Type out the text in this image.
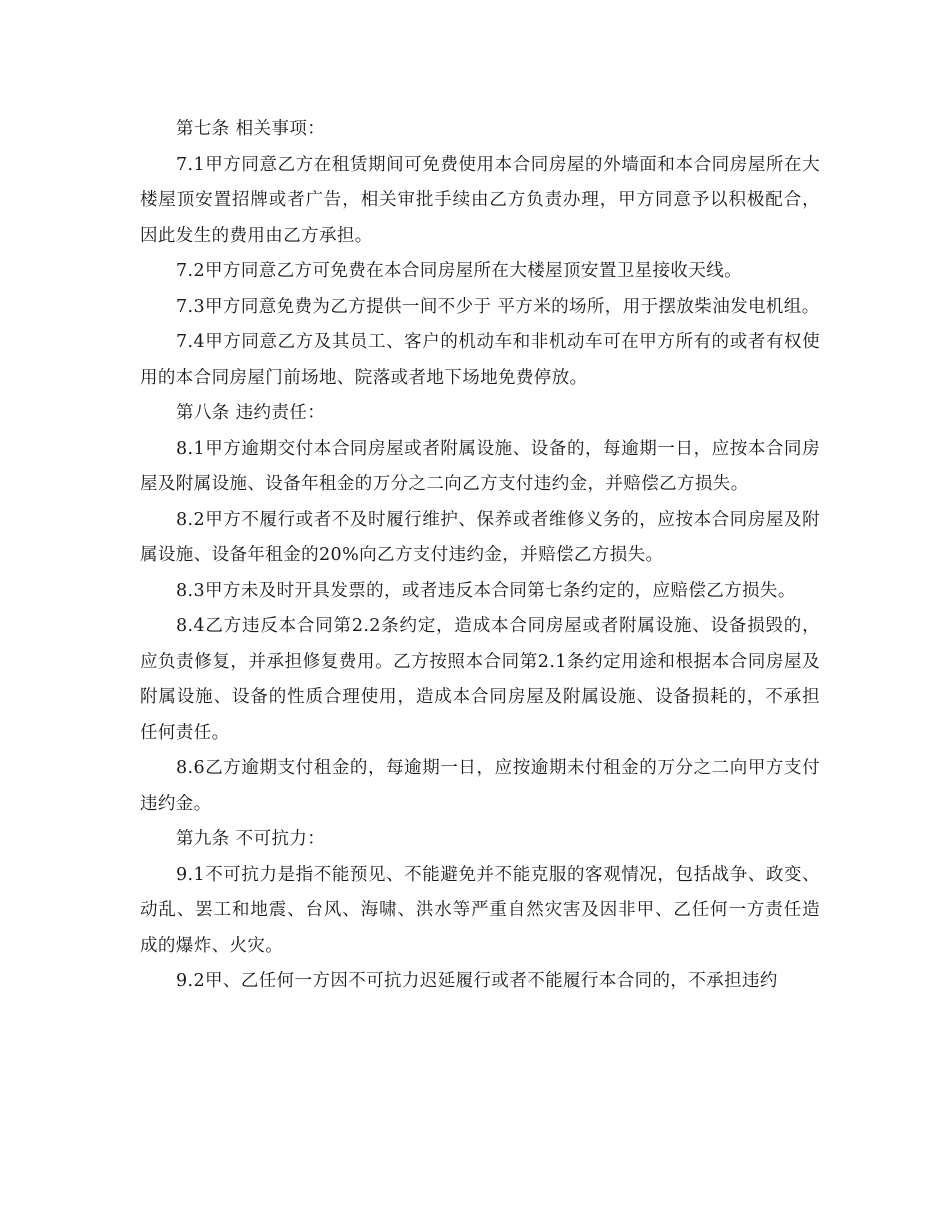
第七条 相关事项：

7.1甲方同意乙方在租赁期间可免费使用本合同房屋的外墙面和本合同房屋所在大楼屋顶安置招牌或者广告，相关审批手续由乙方负责办理，甲方同意予以积极配合，因此发生的费用由乙方承担。

7.2甲方同意乙方可免费在本合同房屋所在大楼屋顶安置卫星接收天线。

7.3甲方同意免费为乙方提供一间不少于 平方米的场所，用于摆放柴油发电机组。

7.4甲方同意乙方及其员工、客户的机动车和非机动车可在甲方所有的或者有权使用的本合同房屋门前场地、院落或者地下场地免费停放。

第八条 违约责任：

8.1甲方逾期交付本合同房屋或者附属设施、设备的，每逾期一日，应按本合同房屋及附属设施、设备年租金的万分之二向乙方支付违约金，并赔偿乙方损失。

8.2甲方不履行或者不及时履行维护、保养或者维修义务的，应按本合同房屋及附属设施、设备年租金的20%向乙方支付违约金，并赔偿乙方损失。

8.3甲方未及时开具发票的，或者违反本合同第七条约定的，应赔偿乙方损失。

8.4乙方违反本合同第2.2条约定，造成本合同房屋或者附属设施、设备损毁的，应负责修复，并承担修复费用。乙方按照本合同第2.1条约定用途和根据本合同房屋及附属设施、设备的性质合理使用，造成本合同房屋及附属设施、设备损耗的，不承担任何责任。

8.6乙方逾期支付租金的，每逾期一日，应按逾期未付租金的万分之二向甲方支付违约金。

第九条 不可抗力：

9.1不可抗力是指不能预见、不能避免并不能克服的客观情况，包括战争、政变、动乱、罢工和地震、台风、海啸、洪水等严重自然灾害及因非甲、乙任何一方责任造成的爆炸、火灾。

9.2甲、乙任何一方因不可抗力迟延履行或者不能履行本合同的，不承担违约
